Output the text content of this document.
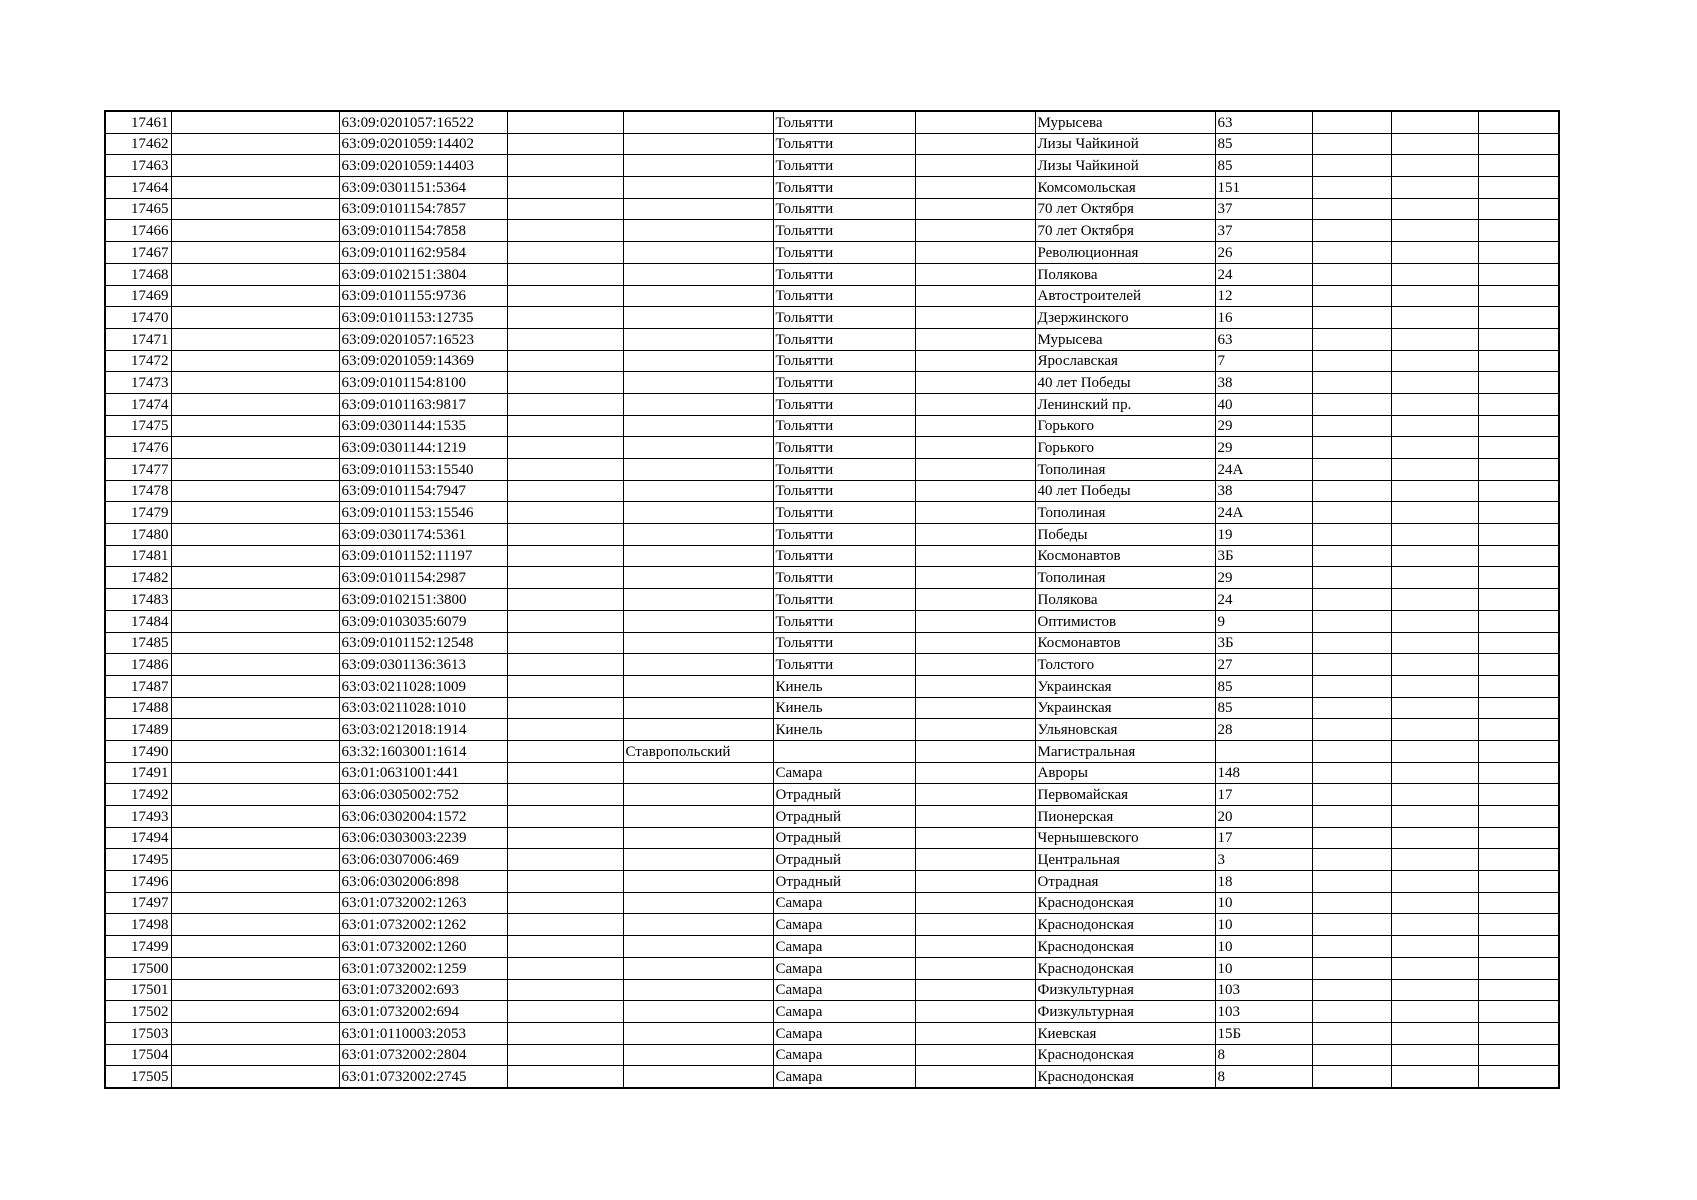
17461		63:09:0201057:16522			Тольятти		Мурысева	63			
17462		63:09:0201059:14402			Тольятти		Лизы Чайкиной	85			
17463		63:09:0201059:14403			Тольятти		Лизы Чайкиной	85			
17464		63:09:0301151:5364			Тольятти		Комсомольская	151			
17465		63:09:0101154:7857			Тольятти		70 лет Октября	37			
17466		63:09:0101154:7858			Тольятти		70 лет Октября	37			
17467		63:09:0101162:9584			Тольятти		Революционная	26			
17468		63:09:0102151:3804			Тольятти		Полякова	24			
17469		63:09:0101155:9736			Тольятти		Автостроителей	12			
17470		63:09:0101153:12735			Тольятти		Дзержинского	16			
17471		63:09:0201057:16523			Тольятти		Мурысева	63			
17472		63:09:0201059:14369			Тольятти		Ярославская	7			
17473		63:09:0101154:8100			Тольятти		40 лет Победы	38			
17474		63:09:0101163:9817			Тольятти		Ленинский пр.	40			
17475		63:09:0301144:1535			Тольятти		Горького	29			
17476		63:09:0301144:1219			Тольятти		Горького	29			
17477		63:09:0101153:15540			Тольятти		Тополиная	24А			
17478		63:09:0101154:7947			Тольятти		40 лет Победы	38			
17479		63:09:0101153:15546			Тольятти		Тополиная	24А			
17480		63:09:0301174:5361			Тольятти		Победы	19			
17481		63:09:0101152:11197			Тольятти		Космонавтов	3Б			
17482		63:09:0101154:2987			Тольятти		Тополиная	29			
17483		63:09:0102151:3800			Тольятти		Полякова	24			
17484		63:09:0103035:6079			Тольятти		Оптимистов	9			
17485		63:09:0101152:12548			Тольятти		Космонавтов	3Б			
17486		63:09:0301136:3613			Тольятти		Толстого	27			
17487		63:03:0211028:1009			Кинель		Украинская	85			
17488		63:03:0211028:1010			Кинель		Украинская	85			
17489		63:03:0212018:1914			Кинель		Ульяновская	28			
17490		63:32:1603001:1614		Ставропольский			Магистральная				
17491		63:01:0631001:441			Самара		Авроры	148			
17492		63:06:0305002:752			Отрадный		Первомайская	17			
17493		63:06:0302004:1572			Отрадный		Пионерская	20			
17494		63:06:0303003:2239			Отрадный		Чернышевского	17			
17495		63:06:0307006:469			Отрадный		Центральная	3			
17496		63:06:0302006:898			Отрадный		Отрадная	18			
17497		63:01:0732002:1263			Самара		Краснодонская	10			
17498		63:01:0732002:1262			Самара		Краснодонская	10			
17499		63:01:0732002:1260			Самара		Краснодонская	10			
17500		63:01:0732002:1259			Самара		Краснодонская	10			
17501		63:01:0732002:693			Самара		Физкультурная	103			
17502		63:01:0732002:694			Самара		Физкультурная	103			
17503		63:01:0110003:2053			Самара		Киевская	15Б			
17504		63:01:0732002:2804			Самара		Краснодонская	8			
17505		63:01:0732002:2745			Самара		Краснодонская	8			
